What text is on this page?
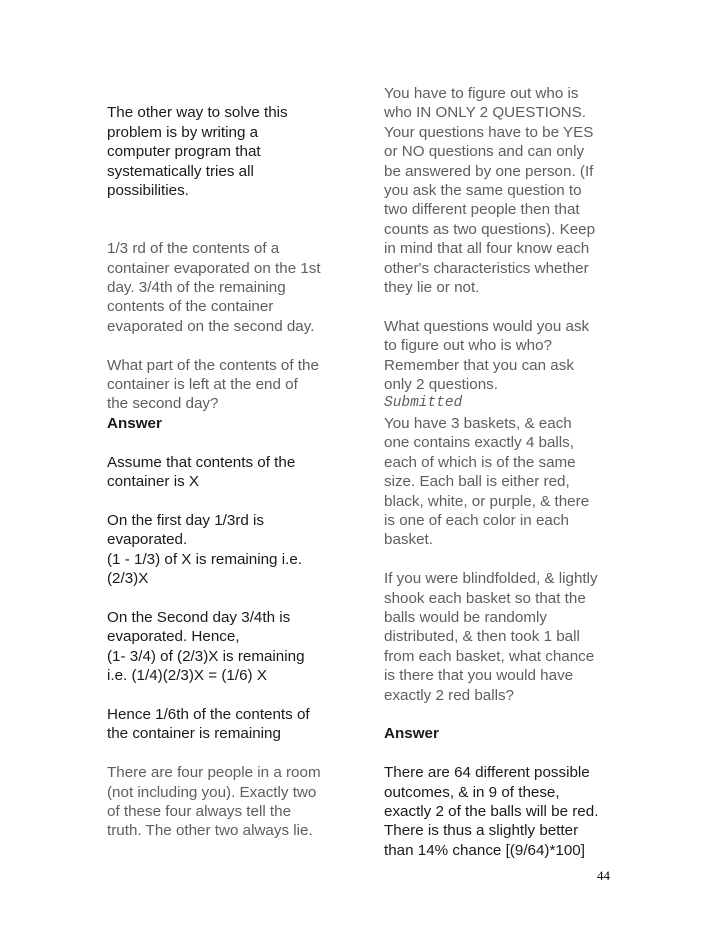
The other way to solve this
problem is by writing a
computer program that
systematically tries all
possibilities.

1/3 rd of the contents of a
container evaporated on the 1st
day. 3/4th of the remaining
contents of the container
evaporated on the second day.

What part of the contents of the
container is left at the end of
the second day?

Answer

Assume that contents of the
container is X

On the first day 1/3rd is
evaporated.
(1 - 1/3) of X is remaining i.e.
(2/3)X

On the Second day 3/4th is
evaporated. Hence,
(1- 3/4) of (2/3)X is remaining
i.e. (1/4)(2/3)X = (1/6) X

Hence 1/6th of the contents of
the container is remaining

There are four people in a room
(not including you). Exactly two
of these four always tell the
truth. The other two always lie.

You have to figure out who is
who IN ONLY 2 QUESTIONS.
Your questions have to be YES
or NO questions and can only
be answered by one person. (If
you ask the same question to
two different people then that
counts as two questions). Keep
in mind that all four know each
other's characteristics whether
they lie or not.

What questions would you ask
to figure out who is who?
Remember that you can ask
only 2 questions.

Submitted

You have 3 baskets, & each
one contains exactly 4 balls,
each of which is of the same
size. Each ball is either red,
black, white, or purple, & there
is one of each color in each
basket.

If you were blindfolded, & lightly
shook each basket so that the
balls would be randomly
distributed, & then took 1 ball
from each basket, what chance
is there that you would have
exactly 2 red balls?

Answer

There are 64 different possible
outcomes, & in 9 of these,
exactly 2 of the balls will be red.
There is thus a slightly better
than 14% chance [(9/64)*100]

44
